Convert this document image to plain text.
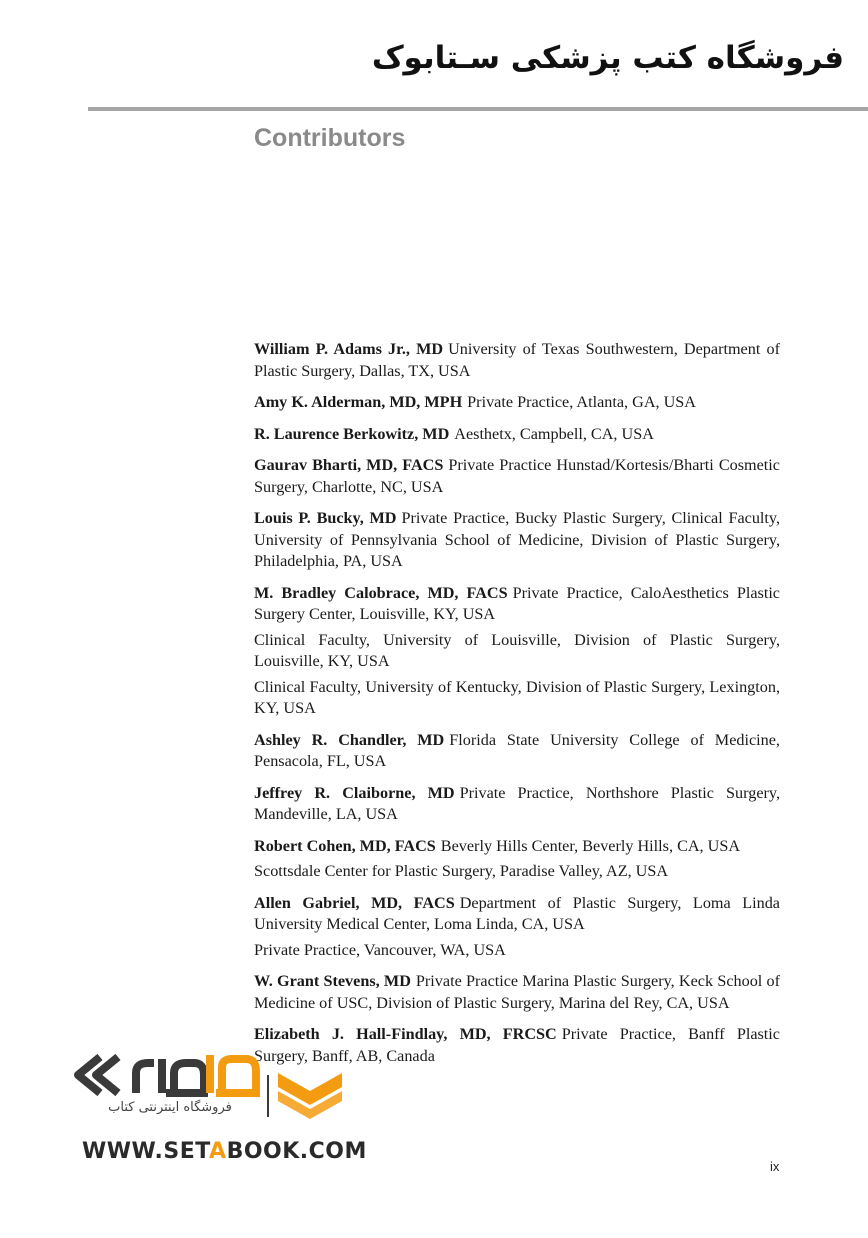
فروشگاه کتب پزشکی سـتابوک
Contributors

William P. Adams Jr., MD University of Texas Southwestern, Department of Plastic Surgery, Dallas, TX, USA

Amy K. Alderman, MD, MPH Private Practice, Atlanta, GA, USA

R. Laurence Berkowitz, MD Aesthetx, Campbell, CA, USA

Gaurav Bharti, MD, FACS Private Practice Hunstad/Kortesis/Bharti Cosmetic Surgery, Charlotte, NC, USA

Louis P. Bucky, MD Private Practice, Bucky Plastic Surgery, Clinical Faculty, University of Pennsylvania School of Medicine, Division of Plastic Surgery, Philadelphia, PA, USA

M. Bradley Calobrace, MD, FACS Private Practice, CaloAesthetics Plastic Surgery Center, Louisville, KY, USA

Clinical Faculty, University of Louisville, Division of Plastic Surgery, Louisville, KY, USA

Clinical Faculty, University of Kentucky, Division of Plastic Surgery, Lexington, KY, USA

Ashley R. Chandler, MD Florida State University College of Medicine, Pensacola, FL, USA

Jeffrey R. Claiborne, MD Private Practice, Northshore Plastic Surgery, Mandeville, LA, USA

Robert Cohen, MD, FACS Beverly Hills Center, Beverly Hills, CA, USA

Scottsdale Center for Plastic Surgery, Paradise Valley, AZ, USA

Allen Gabriel, MD, FACS Department of Plastic Surgery, Loma Linda University Medical Center, Loma Linda, CA, USA

Private Practice, Vancouver, WA, USA

W. Grant Stevens, MD Private Practice Marina Plastic Surgery, Keck School of Medicine of USC, Division of Plastic Surgery, Marina del Rey, CA, USA

Elizabeth J. Hall-Findlay, MD, FRCSC Private Practice, Banff Plastic Surgery, Banff, AB, Canada

ix
فروشگاه اینترنتی کتاب
WWW.SETABOOK.COM
